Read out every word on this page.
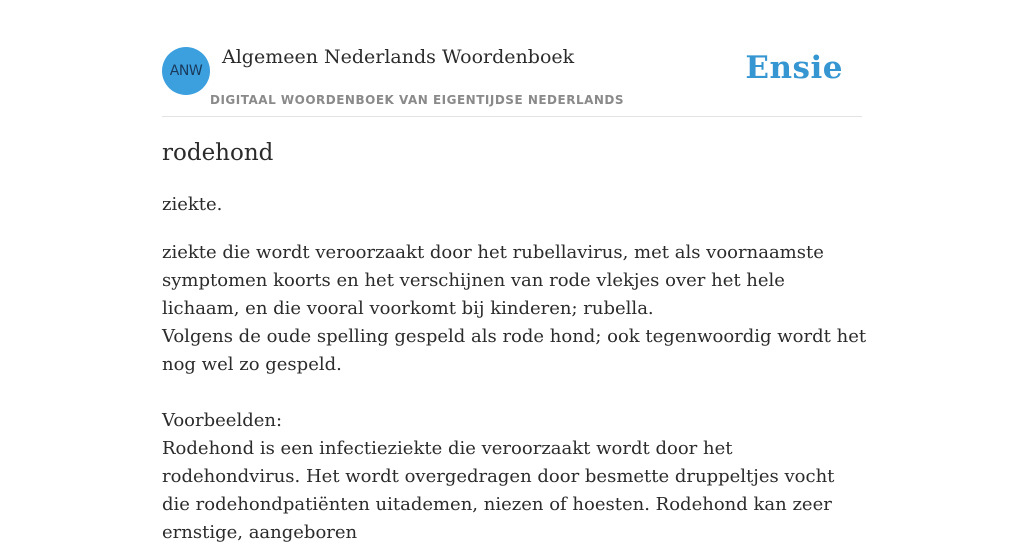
ANW
Algemeen Nederlands Woordenboek
DIGITAAL WOORDENBOEK VAN EIGENTIJDSE NEDERLANDS
Ensie
rodehond
ziekte.

ziekte die wordt veroorzaakt door het rubellavirus, met als voornaamste symptomen koorts en het verschijnen van rode vlekjes over het hele lichaam, en die vooral voorkomt bij kinderen; rubella.

Volgens de oude spelling gespeld als rode hond; ook tegenwoordig wordt het nog wel zo gespeld.

Voorbeelden:

Rodehond is een infectieziekte die veroorzaakt wordt door het rodehondvirus. Het wordt overgedragen door besmette druppeltjes vocht die rodehondpatiënten uitademen, niezen of hoesten. Rodehond kan zeer ernstige, aangeboren
